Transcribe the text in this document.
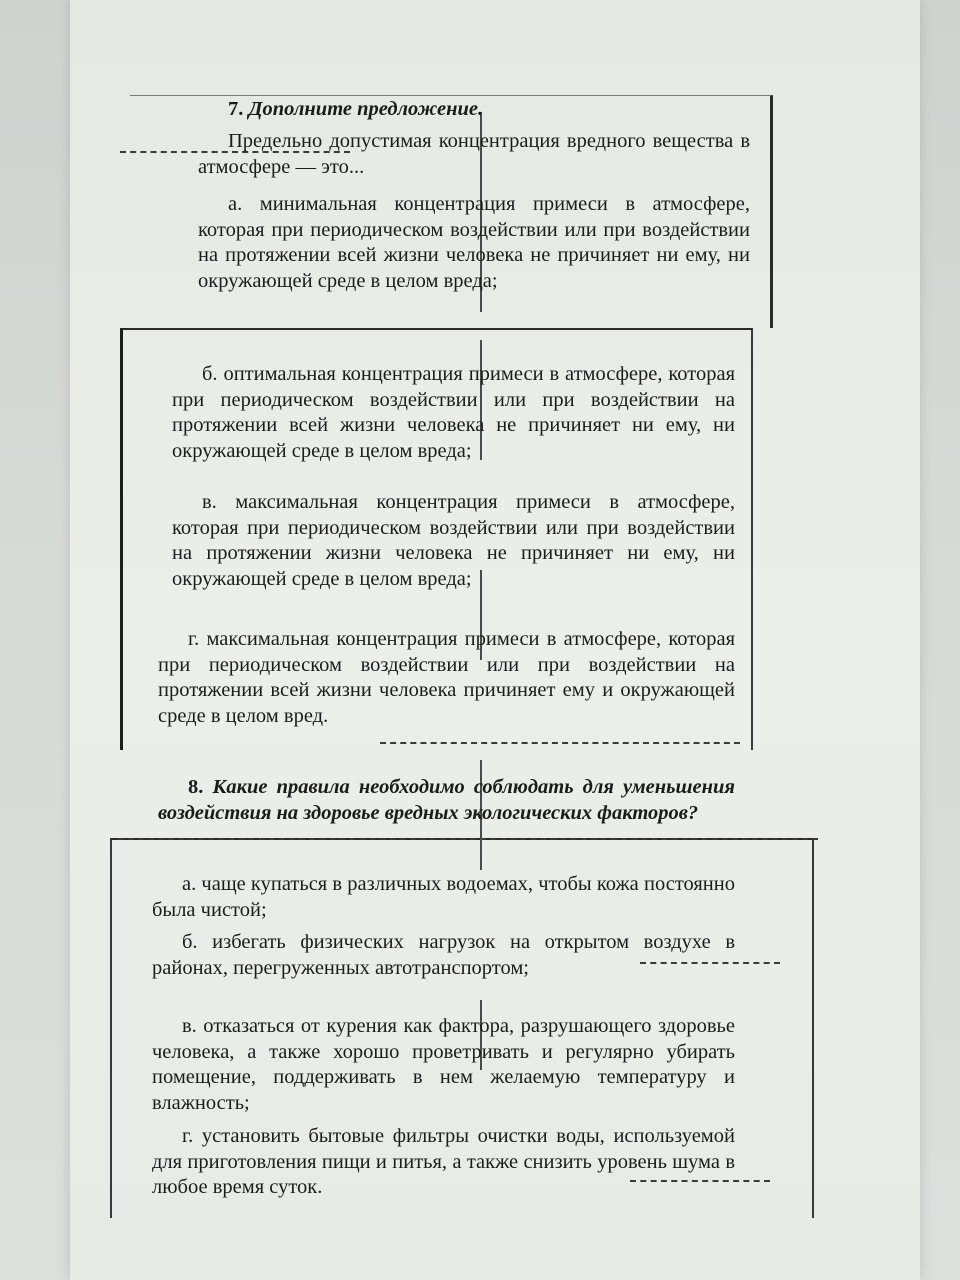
7. Дополните предложение.

Предельно допустимая концентрация вредного вещества в атмосфере — это...

а. минимальная концентрация примеси в атмосфере, которая при периодическом воздействии или при воздействии на протяжении всей жизни человека не причиняет ни ему, ни окружающей среде в целом вреда;

б. оптимальная концентрация примеси в атмосфере, которая при периодическом воздействии или при воздействии на протяжении всей жизни человека не причиняет ни ему, ни окружающей среде в целом вреда;

в. максимальная концентрация примеси в атмосфере, которая при периодическом воздействии или при воздействии на протяжении жизни человека не причиняет ни ему, ни окружающей среде в целом вреда;

г. максимальная концентрация примеси в атмосфере, которая при периодическом воздействии или при воздействии на протяжении всей жизни человека причиняет ему и окружающей среде в целом вред.

8. Какие правила необходимо соблюдать для уменьшения воздействия на здоровье вредных экологических факторов?

а. чаще купаться в различных водоемах, чтобы кожа постоянно была чистой;

б. избегать физических нагрузок на открытом воздухе в районах, перегруженных автотранспортом;

в. отказаться от курения как фактора, разрушающего здоровье человека, а также хорошо проветривать и регулярно убирать помещение, поддерживать в нем желаемую температуру и влажность;

г. установить бытовые фильтры очистки воды, используемой для приготовления пищи и питья, а также снизить уровень шума в любое время суток.
